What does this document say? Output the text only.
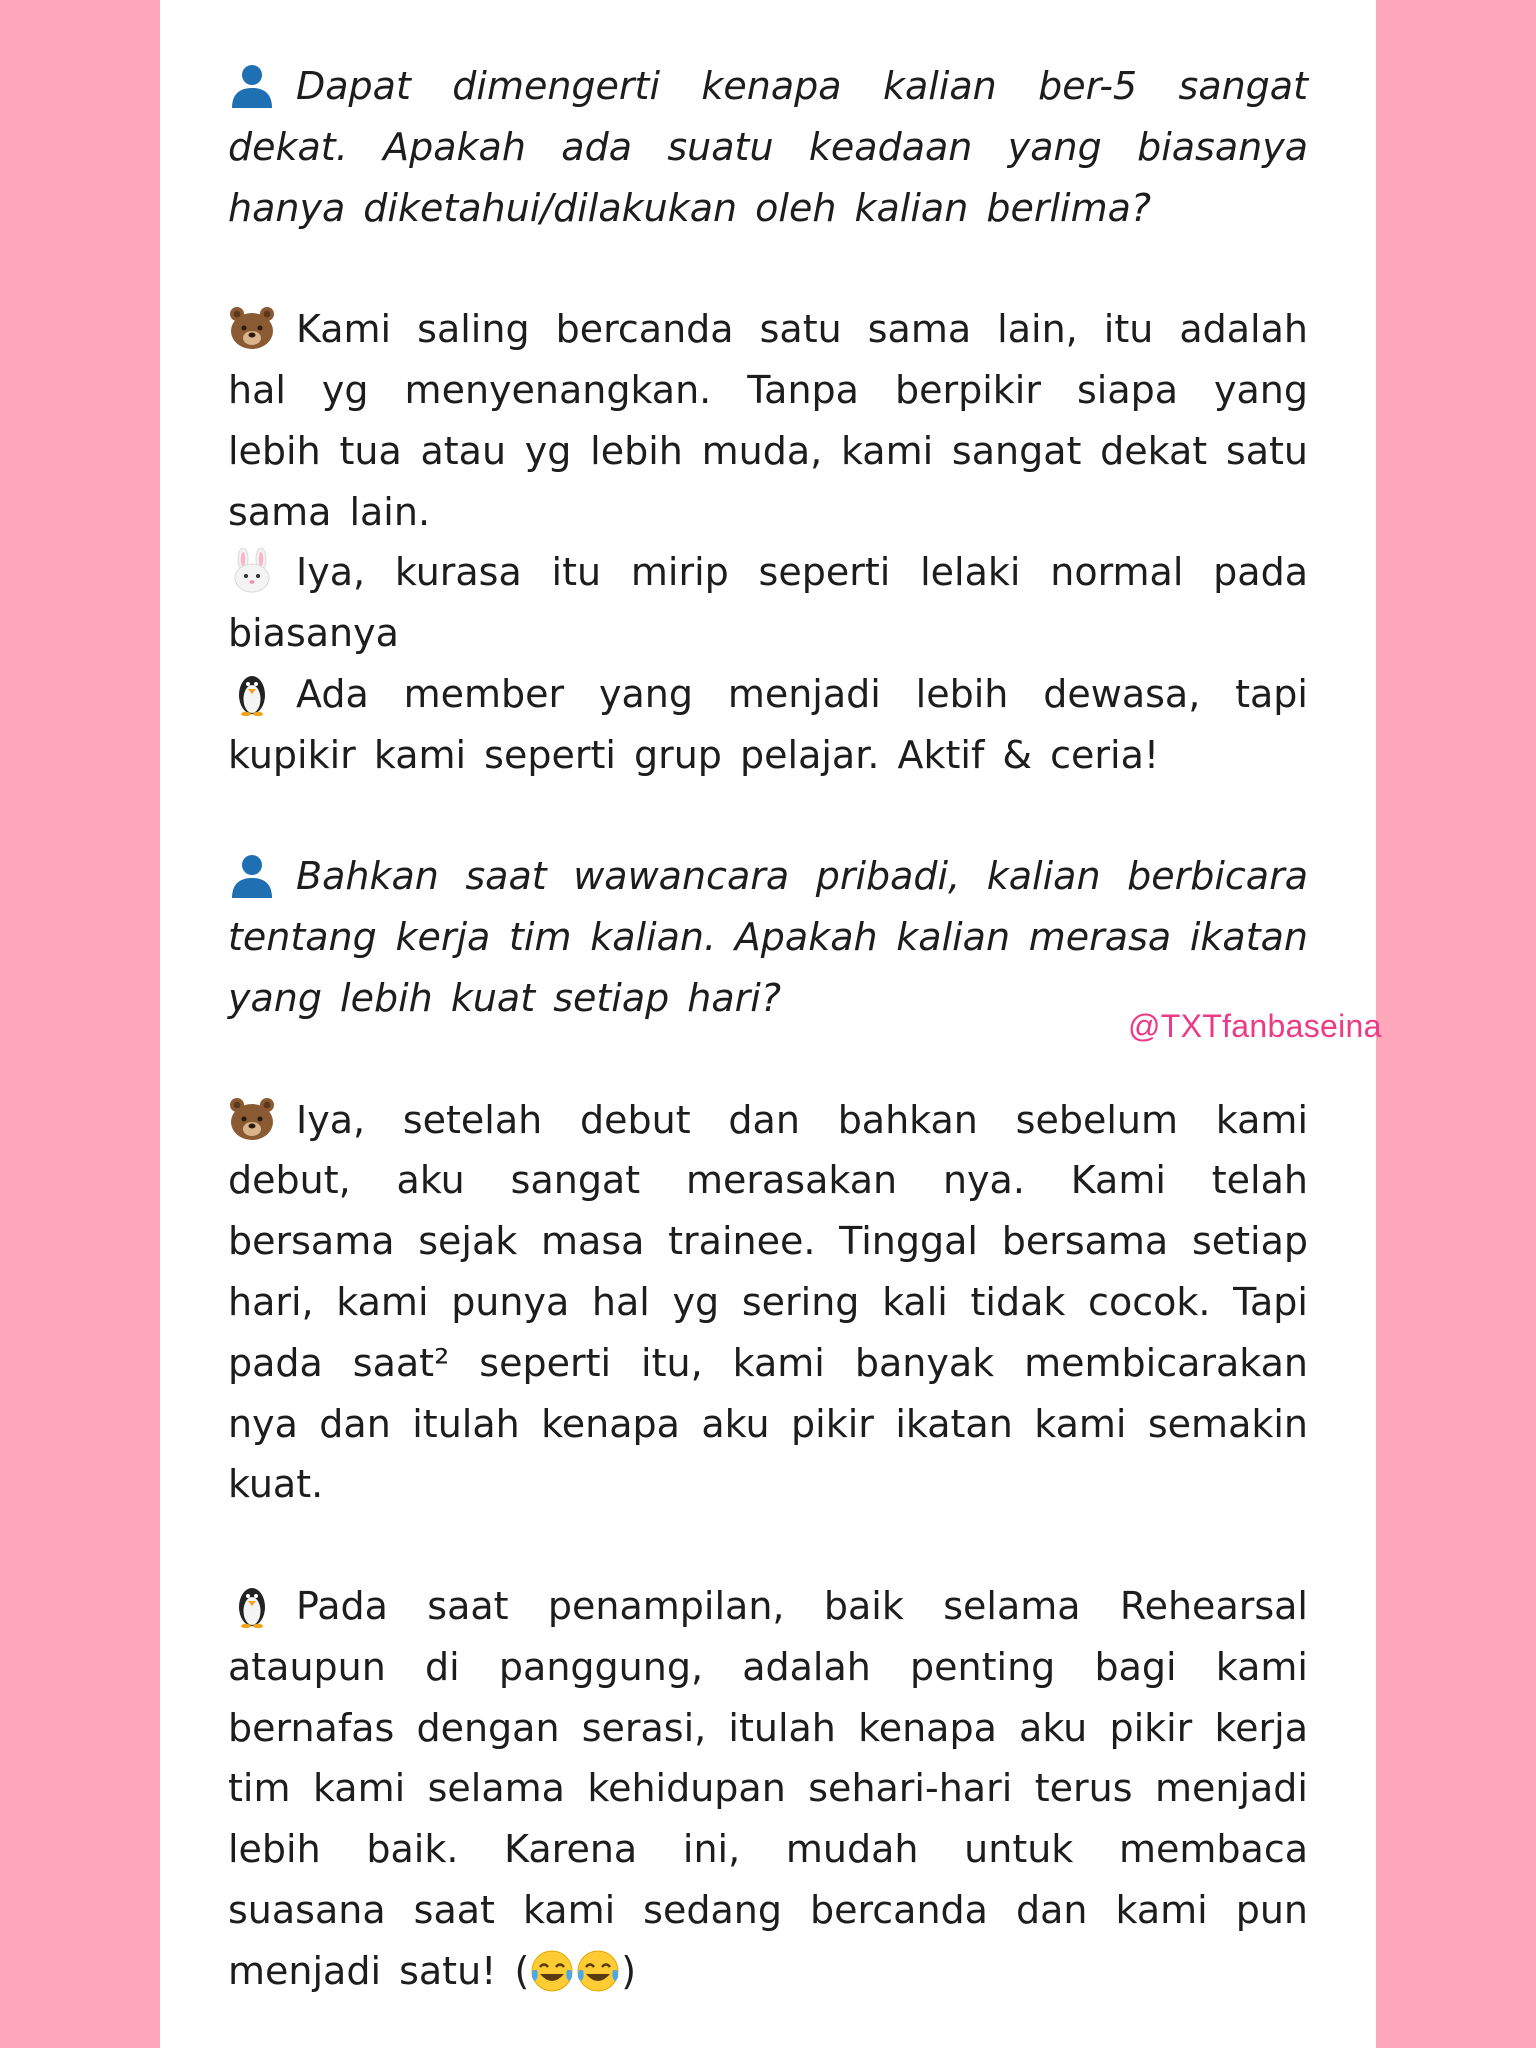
Dapat dimengerti kenapa kalian ber-5 sangat dekat. Apakah ada suatu keadaan yang biasanya hanya diketahui/dilakukan oleh kalian berlima?

Kami saling bercanda satu sama lain, itu adalah hal yg menyenangkan. Tanpa berpikir siapa yang lebih tua atau yg lebih muda, kami sangat dekat satu sama lain.

Iya, kurasa itu mirip seperti lelaki normal pada biasanya

Ada member yang menjadi lebih dewasa, tapi kupikir kami seperti grup pelajar. Aktif & ceria!

Bahkan saat wawancara pribadi, kalian berbicara tentang kerja tim kalian. Apakah kalian merasa ikatan yang lebih kuat setiap hari?

Iya, setelah debut dan bahkan sebelum kami debut, aku sangat merasakan nya. Kami telah bersama sejak masa trainee. Tinggal bersama setiap hari, kami punya hal yg sering kali tidak cocok. Tapi pada saat² seperti itu, kami banyak membicarakan nya dan itulah kenapa aku pikir ikatan kami semakin kuat.

Pada saat penampilan, baik selama Rehearsal ataupun di panggung, adalah penting bagi kami bernafas dengan serasi, itulah kenapa aku pikir kerja tim kami selama kehidupan sehari-hari terus menjadi lebih baik. Karena ini, mudah untuk membaca suasana saat kami sedang bercanda dan kami pun menjadi satu! ( )

@TXTfanbaseina
